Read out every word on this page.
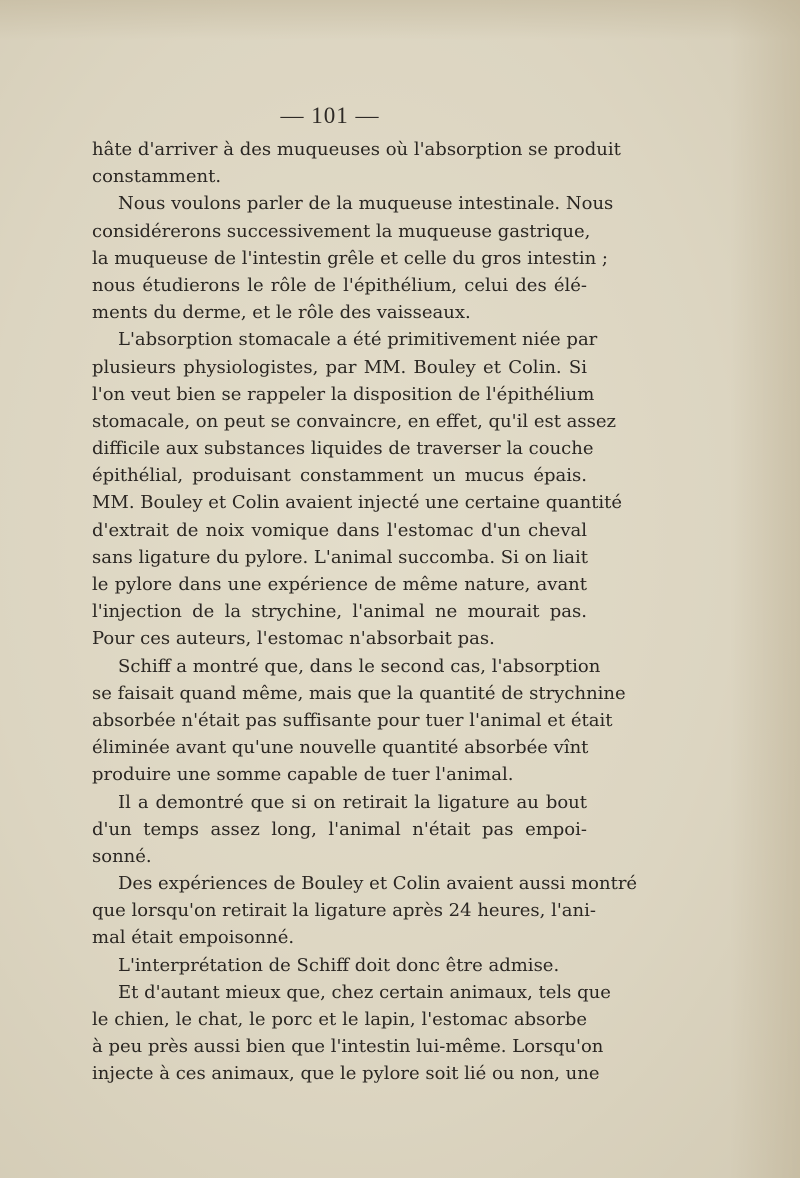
— 101 —
hâte d'arriver à des muqueuses où l'absorption se produit
constamment.
Nous voulons parler de la muqueuse intestinale. Nous
considérerons successivement la muqueuse gastrique,
la muqueuse de l'intestin grêle et celle du gros intestin ;
nous étudierons le rôle de l'épithélium, celui des élé-
ments du derme, et le rôle des vaisseaux.
L'absorption stomacale a été primitivement niée par
plusieurs physiologistes, par MM. Bouley et Colin. Si
l'on veut bien se rappeler la disposition de l'épithélium
stomacale, on peut se convaincre, en effet, qu'il est assez
difficile aux substances liquides de traverser la couche
épithélial, produisant constamment un mucus épais.
MM. Bouley et Colin avaient injecté une certaine quantité
d'extrait de noix vomique dans l'estomac d'un cheval
sans ligature du pylore. L'animal succomba. Si on liait
le pylore dans une expérience de même nature, avant
l'injection de la strychine, l'animal ne mourait pas.
Pour ces auteurs, l'estomac n'absorbait pas.
Schiff a montré que, dans le second cas, l'absorption
se faisait quand même, mais que la quantité de strychnine
absorbée n'était pas suffisante pour tuer l'animal et était
éliminée avant qu'une nouvelle quantité absorbée vînt
produire une somme capable de tuer l'animal.
Il a demontré que si on retirait la ligature au bout
d'un temps assez long, l'animal n'était pas empoi-
sonné.
Des expériences de Bouley et Colin avaient aussi montré
que lorsqu'on retirait la ligature après 24 heures, l'ani-
mal était empoisonné.
L'interprétation de Schiff doit donc être admise.
Et d'autant mieux que, chez certain animaux, tels que
le chien, le chat, le porc et le lapin, l'estomac absorbe
à peu près aussi bien que l'intestin lui-même. Lorsqu'on
injecte à ces animaux, que le pylore soit lié ou non, une
